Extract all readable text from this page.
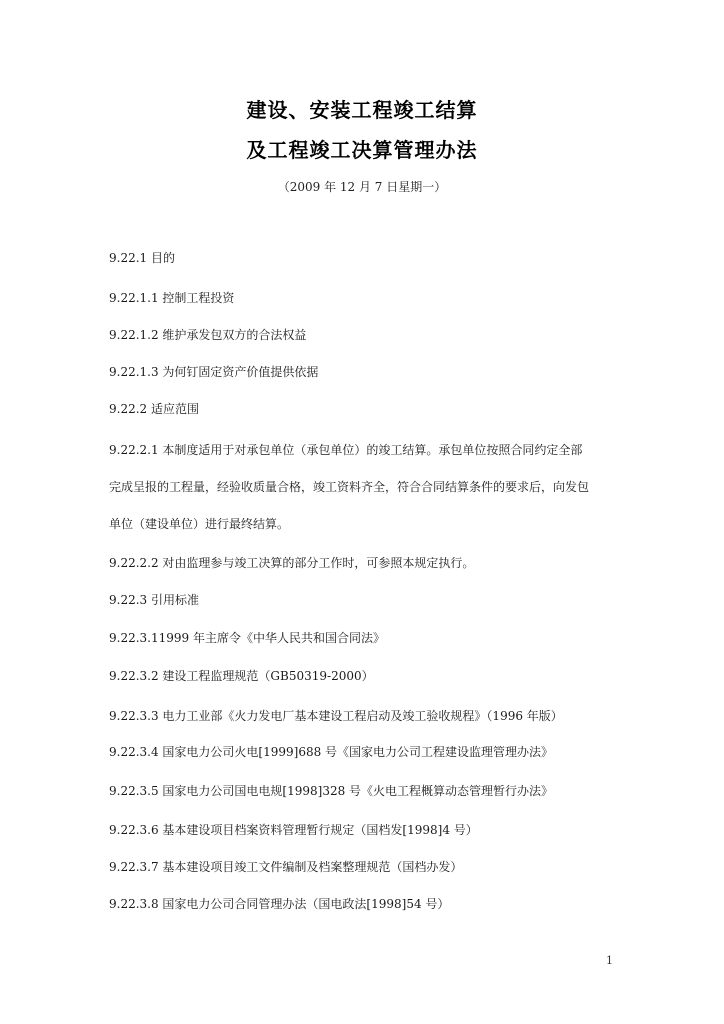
建设、安装工程竣工结算
及工程竣工决算管理办法
（2009 年 12 月 7 日星期一）
9.22.1 目的
9.22.1.1 控制工程投资
9.22.1.2 维护承发包双方的合法权益
9.22.1.3 为何钉固定资产价值提供依据
9.22.2 适应范围
9.22.2.1 本制度适用于对承包单位（承包单位）的竣工结算。承包单位按照合同约定全部
完成呈报的工程量，经验收质量合格，竣工资料齐全，符合合同结算条件的要求后，向发包
单位（建设单位）进行最终结算。
9.22.2.2 对由监理参与竣工决算的部分工作时，可参照本规定执行。
9.22.3 引用标准
9.22.3.11999 年主席令《中华人民共和国合同法》
9.22.3.2 建设工程监理规范（GB50319-2000）
9.22.3.3 电力工业部《火力发电厂基本建设工程启动及竣工验收规程》（1996 年版）
9.22.3.4 国家电力公司火电[1999]688 号《国家电力公司工程建设监理管理办法》
9.22.3.5 国家电力公司国电电规[1998]328 号《火电工程概算动态管理暂行办法》
9.22.3.6 基本建设项目档案资料管理暂行规定（国档发[1998]4 号）
9.22.3.7 基本建设项目竣工文件编制及档案整理规范（国档办发）
9.22.3.8 国家电力公司合同管理办法（国电政法[1998]54 号）
1
